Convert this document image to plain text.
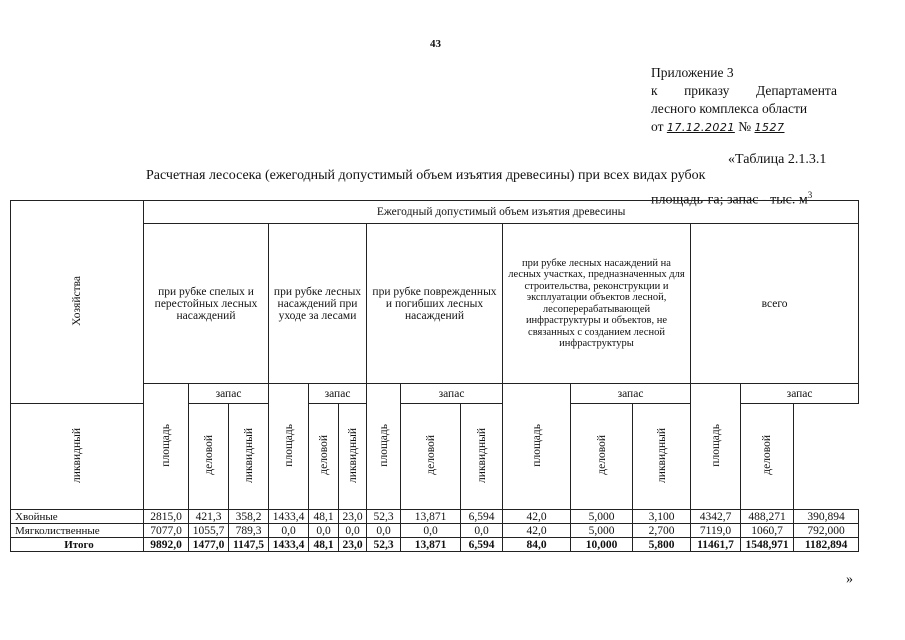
43
Приложение 3
к приказу Департамента
лесного комплекса области
от 17.12.2021 № 1527
«Таблица 2.1.3.1
Расчетная лесосека (ежегодный допустимый объем изъятия древесины) при всех видах рубок
площадь-га; запас - тыс. $м^3$
Хозяйства	Ежегодный допустимый объем изъятия древесины														
	при рубке спелых и перестойных лесных насаждений			при рубке лесных насаждений при уходе за лесами			при рубке поврежденных и погибших лесных насаждений			при рубке лесных насаждений на лесных участках, предназначенных для строительства, реконструкции и эксплуатации объектов лесной, лесоперерабатывающей инфраструктуры и объектов, не связанных с созданием лесной инфраструктуры			всего		
	площадь	запас		площадь	запас		площадь	запас		площадь	запас		площадь	запас	
ликвидный		деловой	ликвидный		деловой	ликвидный		деловой	ликвидный		деловой	ликвидный		деловой	
Хвойные	2815,0	421,3	358,2	1433,4	48,1	23,0	52,3	13,871	6,594	42,0	5,000	3,100	4342,7	488,271	390,894
Мягколиственные	7077,0	1055,7	789,3	0,0	0,0	0,0	0,0	0,0	0,0	42,0	5,000	2,700	7119,0	1060,7	792,000
Итого	9892,0	1477,0	1147,5	1433,4	48,1	23,0	52,3	13,871	6,594	84,0	10,000	5,800	11461,7	1548,971	1182,894
»
